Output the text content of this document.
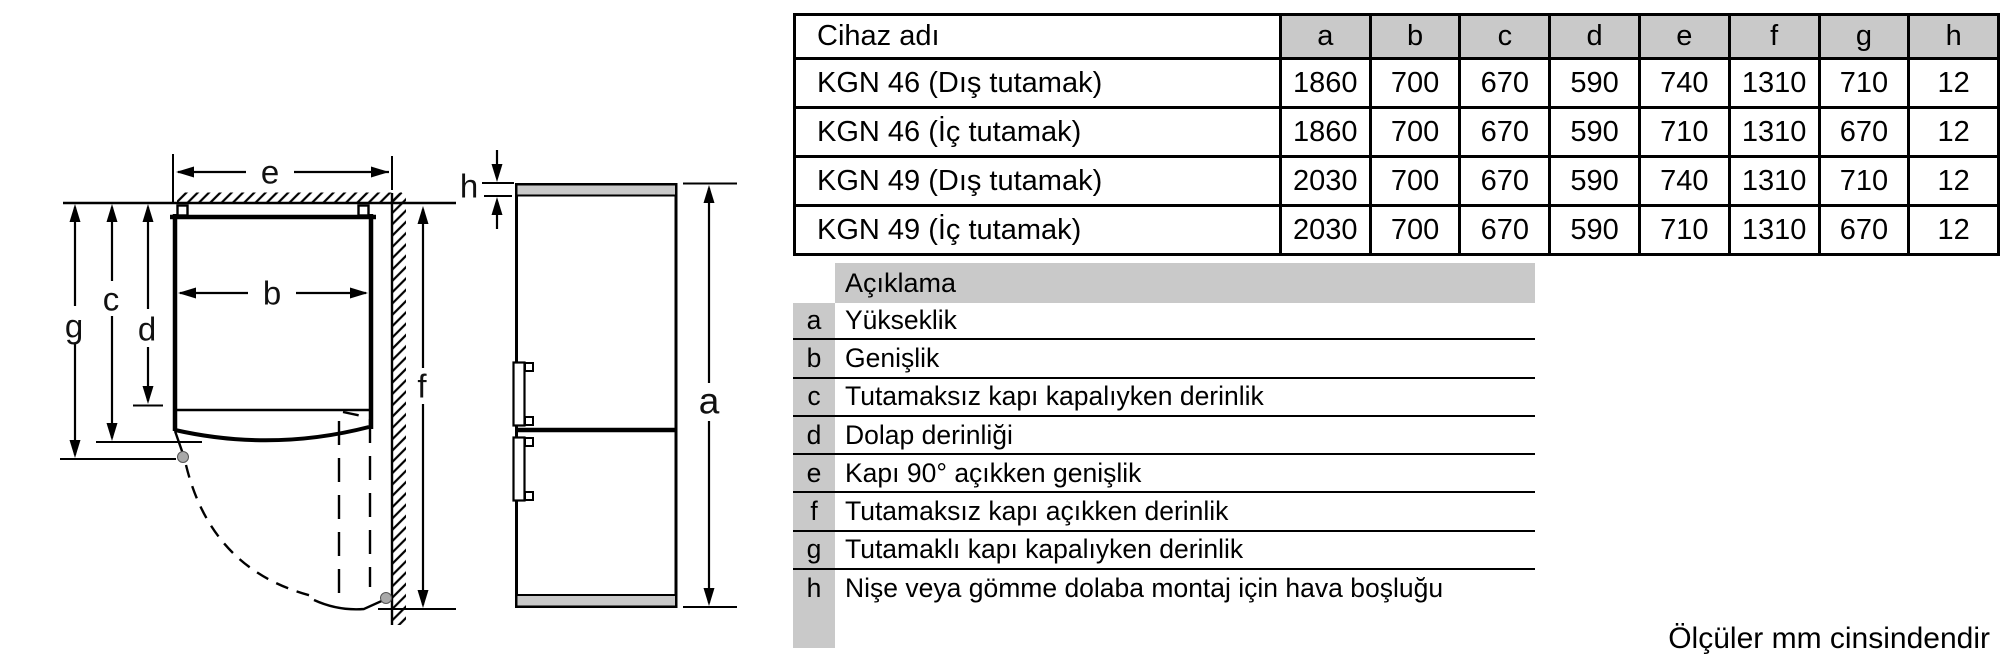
e
b
g
c
d
f
h
a
Cihaz adı	a	b	c	d	e	f	g	h
KGN 46 (Dış tutamak)	1860	700	670	590	740	1310	710	12
KGN 46 (İç tutamak)	1860	700	670	590	710	1310	670	12
KGN 49 (Dış tutamak)	2030	700	670	590	740	1310	710	12
KGN 49 (İç tutamak)	2030	700	670	590	710	1310	670	12
Açıklama
a Yükseklik
b Genişlik
c Tutamaksız kapı kapalıyken derinlik
d Dolap derinliği
e Kapı 90° açıkken genişlik
f	Tutamaksız kapı açıkken derinlik
g Tutamaklı kapı kapalıyken derinlik
h Nişe veya gömme dolaba montaj için hava boşluğu
Ölçüler mm cinsindendir
